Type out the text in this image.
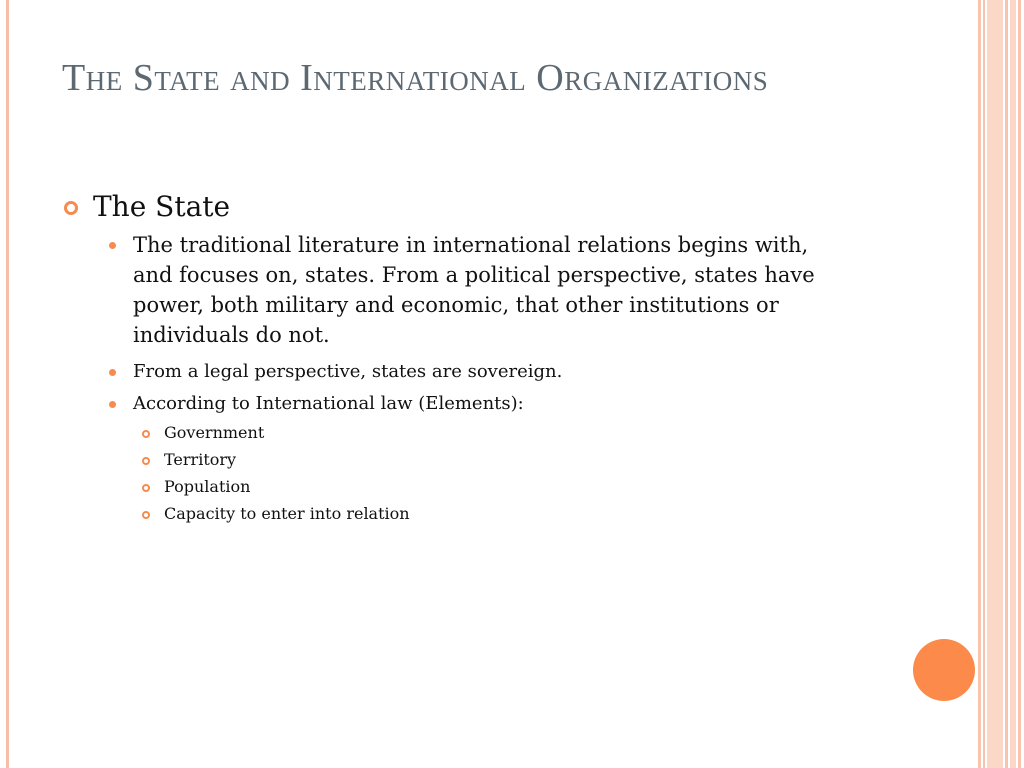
The State and International Organizations
The State
The traditional literature in international relations begins with, and focuses on, states. From a political perspective, states have power, both military and economic, that other institutions or individuals do not.
From a legal perspective, states are sovereign.
According to International law (Elements):
Government
Territory
Population
Capacity to enter into relation
